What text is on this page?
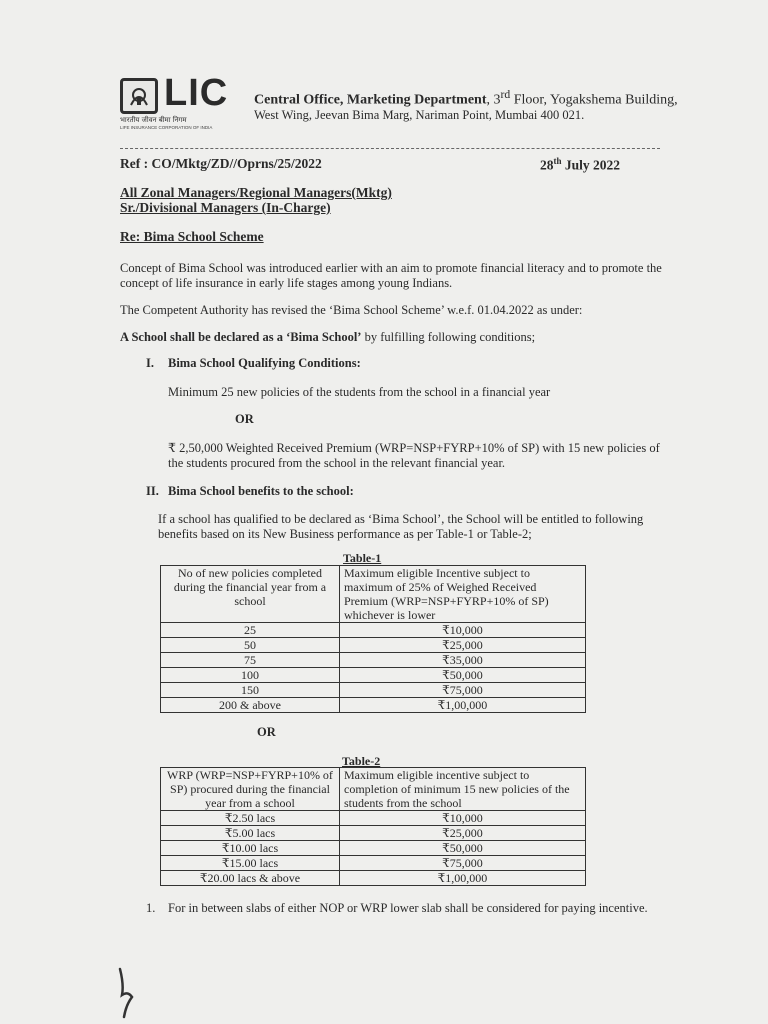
LIC
भारतीय जीवन बीमा निगम
LIFE INSURANCE CORPORATION OF INDIA
Central Office, Marketing Department, 3rd Floor, Yogakshema Building,
West Wing, Jeevan Bima Marg, Nariman Point, Mumbai 400 021.
Ref : CO/Mktg/ZD//Oprns/25/2022	28th July 2022
All Zonal Managers/Regional Managers(Mktg)
Sr./Divisional Managers (In-Charge)
Re: Bima School Scheme
Concept of Bima School was introduced earlier with an aim to promote financial literacy and to promote the concept of life insurance in early life stages among young Indians.
The Competent Authority has revised the ‘Bima School Scheme’ w.e.f. 01.04.2022 as under:
A School shall be declared as a ‘Bima School’ by fulfilling following conditions;
I. Bima School Qualifying Conditions:
Minimum 25 new policies of the students from the school in a financial year
OR
₹ 2,50,000 Weighted Received Premium (WRP=NSP+FYRP+10% of SP) with 15 new policies of the students procured from the school in the relevant financial year.
II. Bima School benefits to the school:
If a school has qualified to be declared as ‘Bima School’, the School will be entitled to following benefits based on its New Business performance as per Table-1 or Table-2;
Table-1
No of new policies completed during the financial year from a school	Maximum eligible Incentive subject to maximum of 25% of Weighed Received Premium (WRP=NSP+FYRP+10% of SP) whichever is lower
25	₹10,000
50	₹25,000
75	₹35,000
100	₹50,000
150	₹75,000
200 & above	₹1,00,000
OR
Table-2
WRP (WRP=NSP+FYRP+10% of SP) procured during the financial year from a school	Maximum eligible incentive subject to completion of minimum 15 new policies of the students from the school
₹2.50 lacs	₹10,000
₹5.00 lacs	₹25,000
₹10.00 lacs	₹50,000
₹15.00 lacs	₹75,000
₹20.00 lacs & above	₹1,00,000
1. For in between slabs of either NOP or WRP lower slab shall be considered for paying incentive.
